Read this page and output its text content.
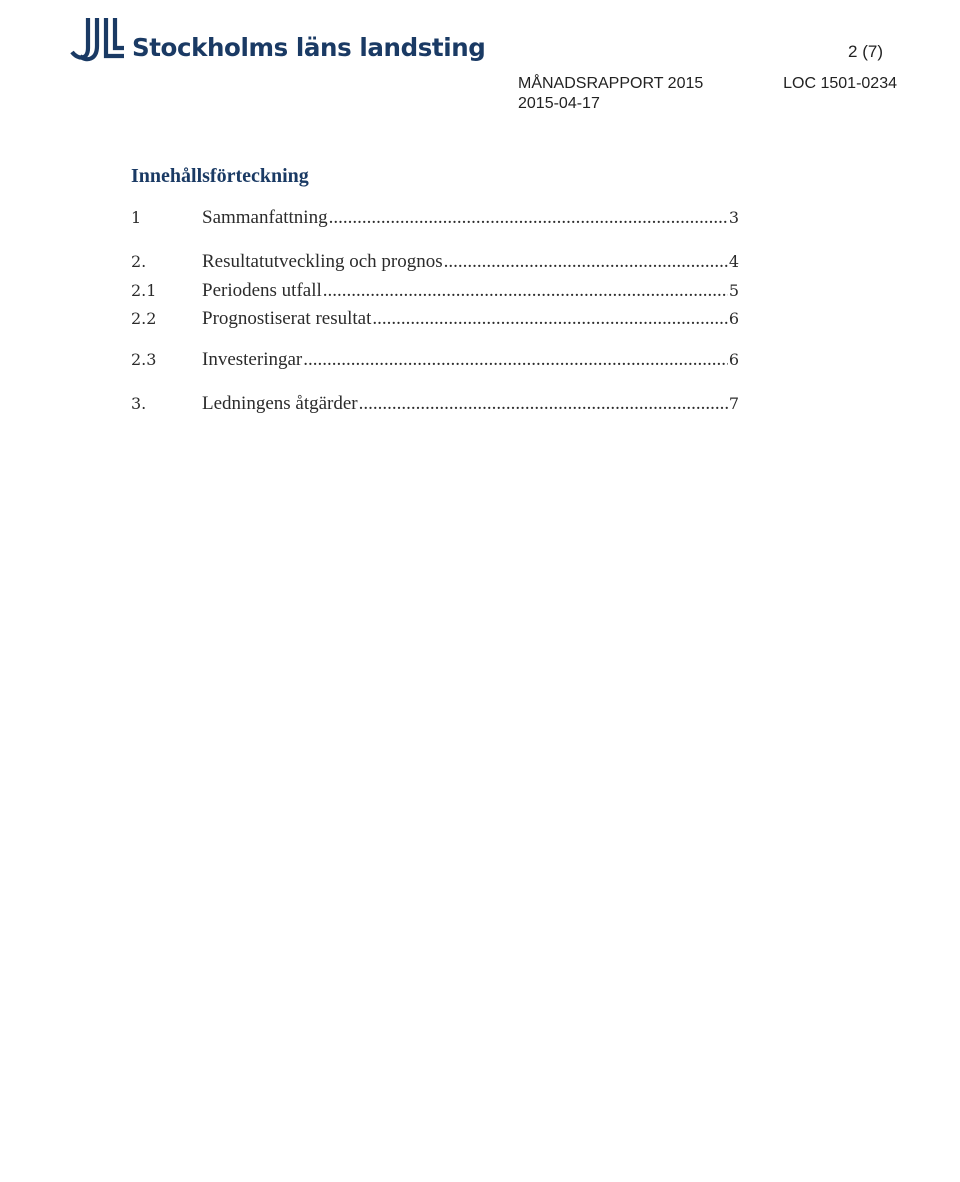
Stockholms läns landsting	2 (7)
MÅNADSRAPPORT 2015
2015-04-17
LOC 1501-0234
Innehållsförteckning
1	Sammanfattning .....	3
2.	Resultatutveckling och prognos .....	4
2.1	Periodens utfall .....	5
2.2	Prognostiserat resultat .....	6
2.3	Investeringar .....	6
3.	Ledningens åtgärder .....	7
